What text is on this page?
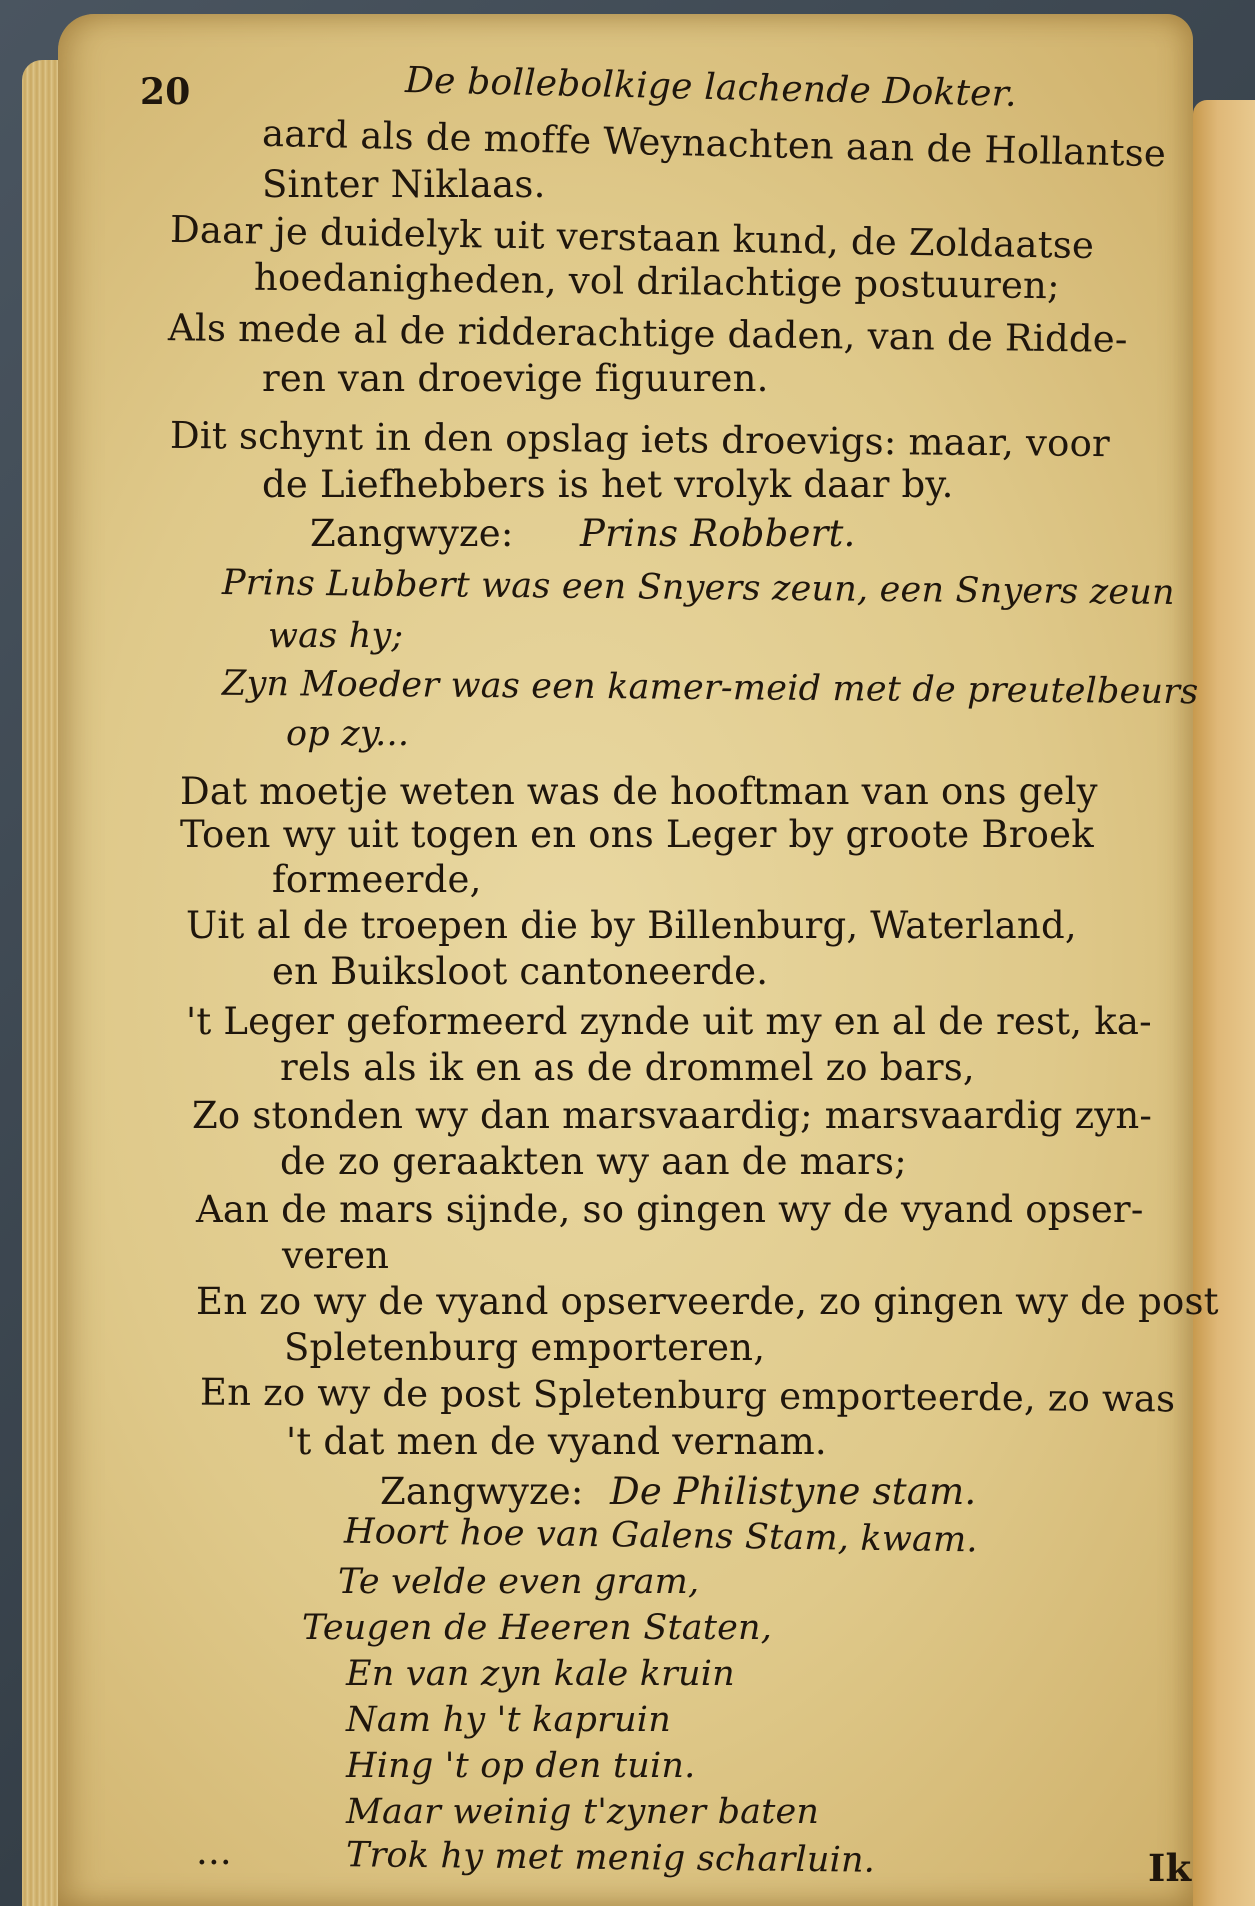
20	De bollebolkige lachende Dokter.
aard als de moffe Weynachten aan de Hollantse
Sinter Niklaas.
Daar je duidelyk uit verstaan kund, de Zoldaatse
hoedanigheden, vol drilachtige postuuren;
Als mede al de ridderachtige daden, van de Ridde-
ren van droevige figuuren.
Dit schynt in den opslag iets droevigs: maar, voor
de Liefhebbers is het vrolyk daar by.
Zangwyze: Prins Robbert.
Prins Lubbert was een Snyers zeun, een Snyers zeun
was hy;
Zyn Moeder was een kamer-meid met de preutelbeurs
op zy...
Dat moetje weten was de hooftman van ons gely
Toen wy uit togen en ons Leger by groote Broek
formeerde,
Uit al de troepen die by Billenburg, Waterland,
en Buiksloot cantoneerde.
't Leger geformeerd zynde uit my en al de rest, ka-
rels als ik en as de drommel zo bars,
Zo stonden wy dan marsvaardig; marsvaardig zyn-
de zo geraakten wy aan de mars;
Aan de mars sijnde, so gingen wy de vyand opser-
veren
En zo wy de vyand opserveerde, zo gingen wy de post
Spletenburg emporteren,
En zo wy de post Spletenburg emporteerde, zo was
't dat men de vyand vernam.
Zangwyze: De Philistyne stam.
Hoort hoe van Galens Stam, kwam.
Te velde even gram,
Teugen de Heeren Staten,
En van zyn kale kruin
Nam hy 't kapruin
Hing 't op den tuin.
Maar weinig t'zyner baten
Trok hy met menig scharluin.
...	Ik
